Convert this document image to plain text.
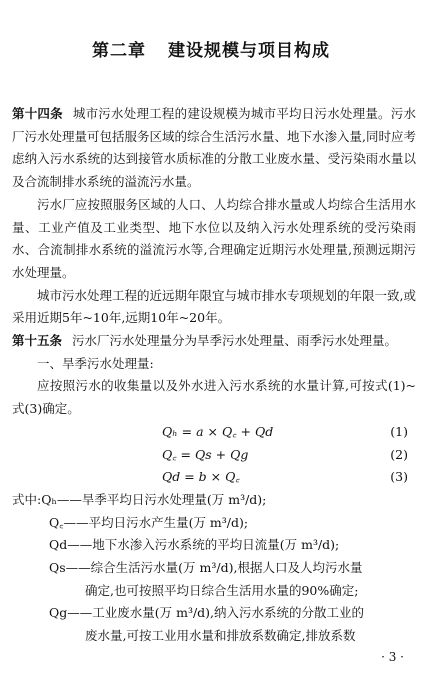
第二章 建设规模与项目构成

第十四条 城市污水处理工程的建设规模为城市平均日污水处理量。污水厂污水处理量可包括服务区域的综合生活污水量、地下水渗入量,同时应考虑纳入污水系统的达到接管水质标准的分散工业废水量、受污染雨水量以及合流制排水系统的溢流污水量。

污水厂应按照服务区域的人口、人均综合排水量或人均综合生活用水量、工业产值及工业类型、地下水位以及纳入污水处理系统的受污染雨水、合流制排水系统的溢流污水等,合理确定近期污水处理量,预测远期污水处理量。

城市污水处理工程的近远期年限宜与城市排水专项规划的年限一致,或采用近期5年~10年,远期10年~20年。

第十五条 污水厂污水处理量分为旱季污水处理量、雨季污水处理量。

一、旱季污水处理量:

应按照污水的收集量以及外水进入污水系统的水量计算,可按式(1)~式(3)确定。

Qₕ = a × Q꜀ + Qd	(1)
Q꜀ = Qs + Qg	(2)
Qd = b × Q꜀	(3)

式中:Qₕ——旱季平均日污水处理量(万 m³/d);

Q꜀——平均日污水产生量(万 m³/d);

Qd——地下水渗入污水系统的平均日流量(万 m³/d);

Qs——综合生活污水量(万 m³/d),根据人口及人均污水量

确定,也可按照平均日综合生活用水量的90%确定;

Qg——工业废水量(万 m³/d),纳入污水系统的分散工业的

废水量,可按工业用水量和排放系数确定,排放系数

· 3 ·
